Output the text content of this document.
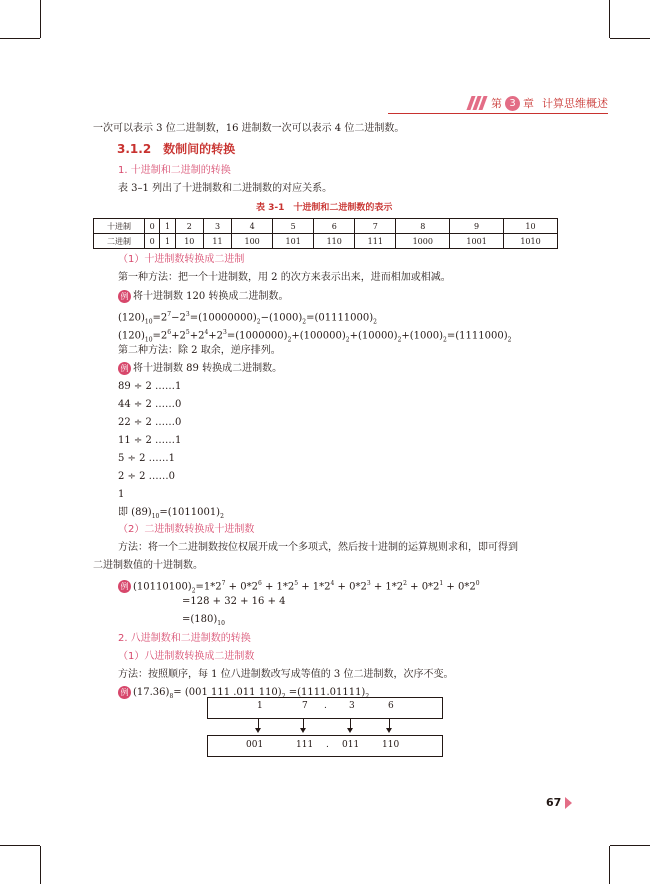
第 3 章 计算思维概述
一次可以表示 3 位二进制数，16 进制数一次可以表示 4 位二进制数。
3.1.2　数制间的转换
1. 十进制和二进制的转换
表 3–1 列出了十进制数和二进制数的对应关系。
表 3-1　十进制和二进制数的表示
十进制	0	1	2	3	4	5	6	7	8	9	10
二进制	0	1	10	11	100	101	110	111	1000	1001	1010
（1）十进制数转换成二进制
第一种方法：把一个十进制数，用 2 的次方来表示出来，进而相加或相减。
例 将十进制数 120 转换成二进制数。
$(120)_{10}=2^7-2^3=(10000000)_2-(1000)_2=(01111000)_2$
$(120)_{10}=2^6+2^5+2^4+2^3=(1000000)_2+(100000)_2+(10000)_2+(1000)_2=(1111000)_2$
第二种方法：除 2 取余，逆序排列。
例 将十进制数 89 转换成二进制数。
89 ÷ 2 ……1
44 ÷ 2 ……0
22 ÷ 2 ……0
11 ÷ 2 ……1
5 ÷ 2 ……1
2 ÷ 2 ……0
1
即 $(89)_{10}=(1011001)_2$
（2）二进制数转换成十进制数
方法：将一个二进制数按位权展开成一个多项式，然后按十进制的运算规则求和，即可得到
二进制数值的十进制数。
例 $(10110100)_2=1*2^7 + 0*2^6 + 1*2^5 + 1*2^4 + 0*2^3 + 1*2^2 + 0*2^1 + 0*2^0$
=128 + 32 + 16 + 4
$=(180)_{10}$
2. 八进制数和二进制数的转换
（1）八进制数转换成二进制数
方法：按照顺序，每 1 位八进制数改写成等值的 3 位二进制数，次序不变。
例 $(17.36)_8= (001$ 111 .011 $110)_2 =(1111.01111)_2$
1	7 . 3	6
001	111 . 011	110
67
